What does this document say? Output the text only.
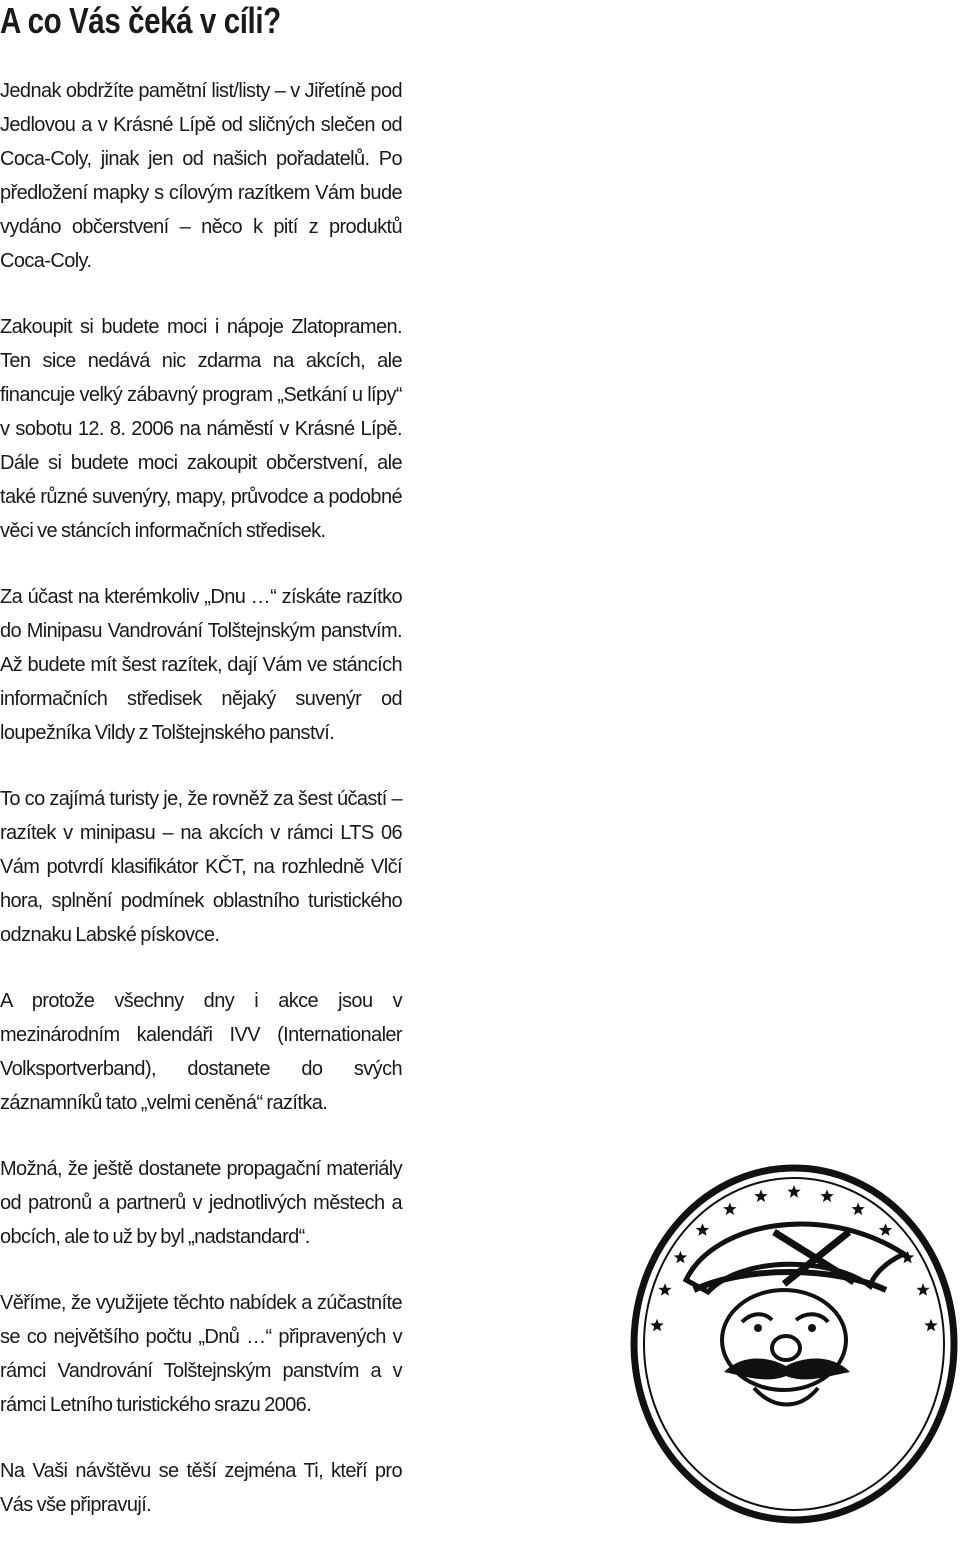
A co Vás čeká v cíli?

Jednak obdržíte pamětní list/listy – v Jiřetíně pod Jedlovou a v Krásné Lípě od sličných slečen od Coca-Coly, jinak jen od našich pořadatelů. Po předložení mapky s cílovým razítkem Vám bude vydáno občerstvení – něco k pití z produktů Coca-Coly.

Zakoupit si budete moci i nápoje Zlatopramen. Ten sice nedává nic zdarma na akcích, ale financuje velký zábavný program „Setkání u lípy“ v sobotu 12. 8. 2006 na náměstí v Krásné Lípě. Dále si budete moci zakoupit občerstvení, ale také různé suvenýry, mapy, průvodce a podobné věci ve stáncích informačních středisek.

Za účast na kterémkoliv „Dnu …“ získáte razítko do Minipasu Vandrování Tolštejnským panstvím. Až budete mít šest razítek, dají Vám ve stáncích informačních středisek nějaký suvenýr od loupežníka Vildy z Tolštejnského panství.

To co zajímá turisty je, že rovněž za šest účastí – razítek v minipasu – na akcích v rámci LTS 06 Vám potvrdí klasifikátor KČT, na rozhledně Vlčí hora, splnění podmínek oblastního turistického odznaku Labské pískovce.

A protože všechny dny i akce jsou v mezinárodním kalendáři IVV (Internationaler Volksportverband), dostanete do svých záznamníků tato „velmi ceněná“ razítka.

Možná, že ještě dostanete propagační materiály od patronů a partnerů v jednotlivých městech a obcích, ale to už by byl „nadstandard“.

Věříme, že využijete těchto nabídek a zúčastníte se co největšího počtu „Dnů …“ připravených v rámci Vandrování Tolštejnským panstvím a v rámci Letního turistického srazu 2006.

Na Vaši návštěvu se těší zejména Ti, kteří pro Vás vše připravují.
